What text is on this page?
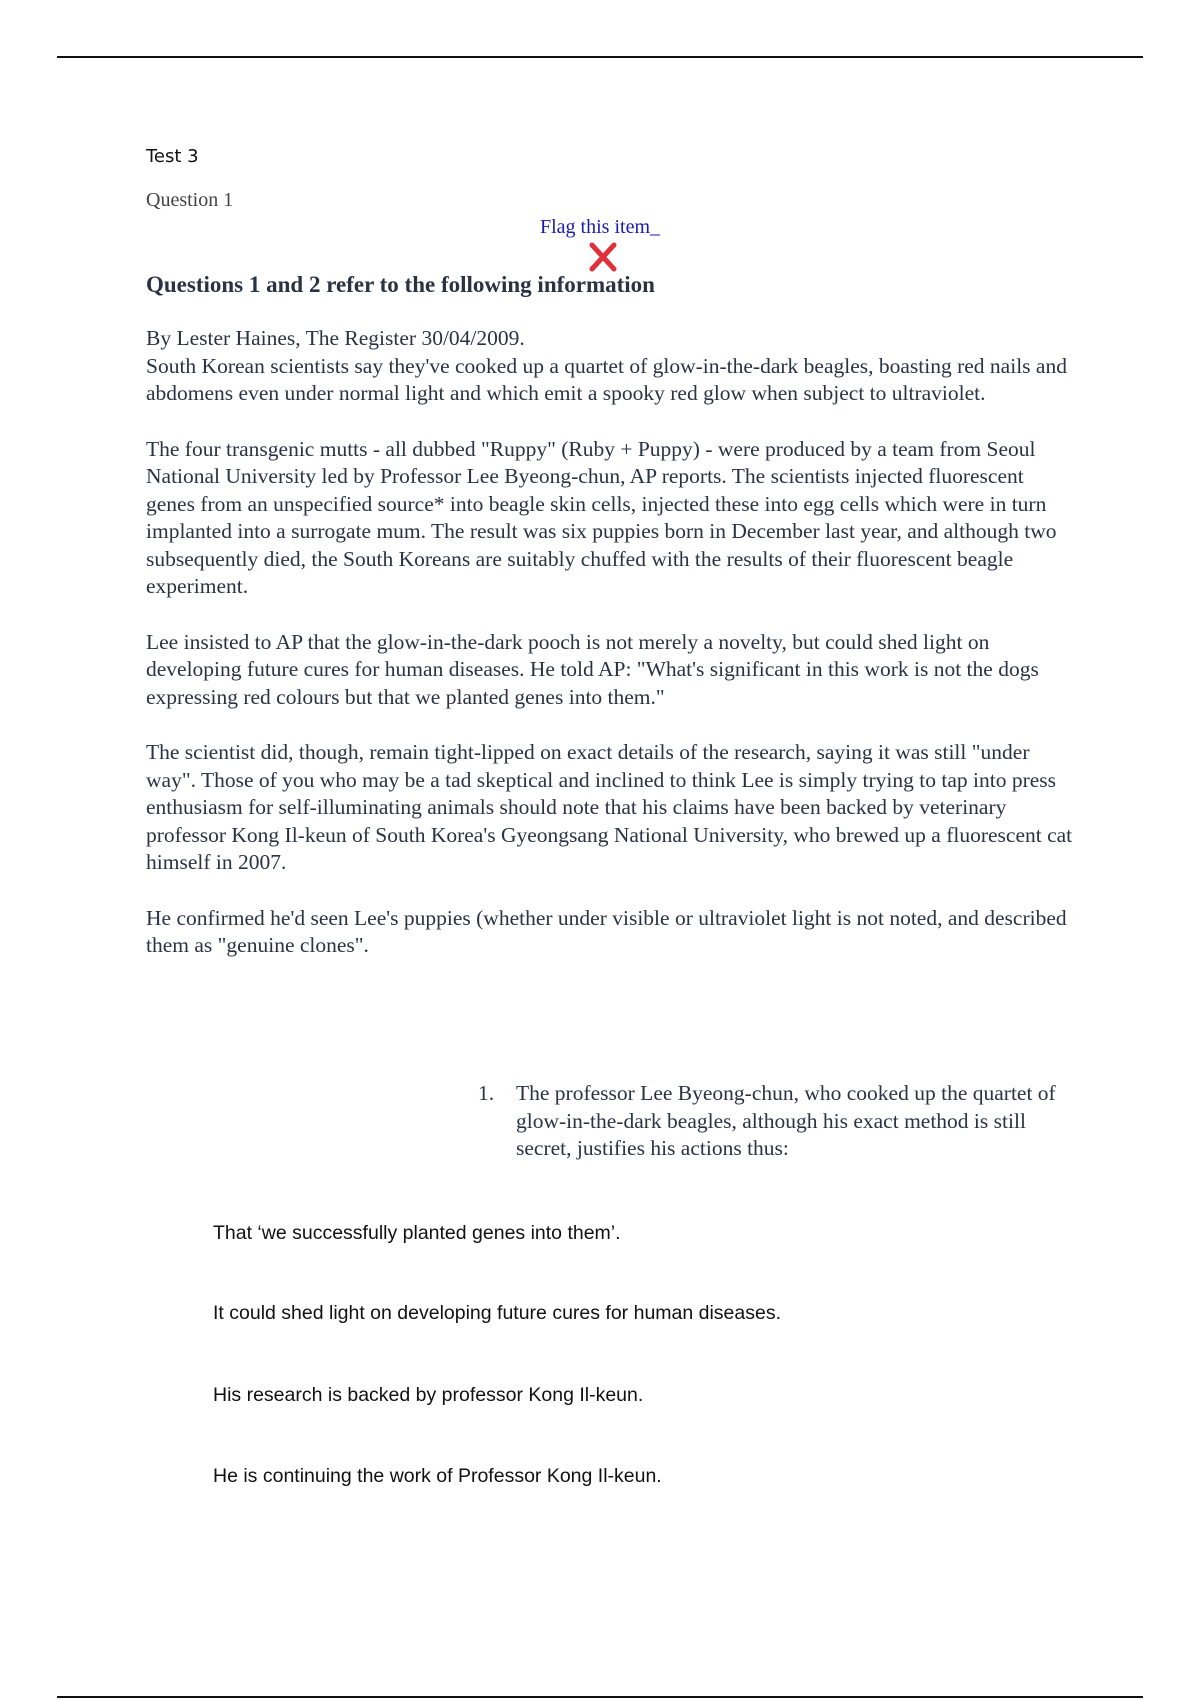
Test 3
Question 1
Flag this item_
Questions 1 and 2 refer to the following information

By Lester Haines, The Register 30/04/2009.
South Korean scientists say they've cooked up a quartet of glow-in-the-dark beagles, boasting red nails and abdomens even under normal light and which emit a spooky red glow when subject to ultraviolet.

The four transgenic mutts - all dubbed "Ruppy" (Ruby + Puppy) - were produced by a team from Seoul National University led by Professor Lee Byeong-chun, AP reports. The scientists injected fluorescent genes from an unspecified source* into beagle skin cells, injected these into egg cells which were in turn implanted into a surrogate mum. The result was six puppies born in December last year, and although two subsequently died, the South Koreans are suitably chuffed with the results of their fluorescent beagle experiment.

Lee insisted to AP that the glow-in-the-dark pooch is not merely a novelty, but could shed light on developing future cures for human diseases. He told AP: "What's significant in this work is not the dogs expressing red colours but that we planted genes into them."

The scientist did, though, remain tight-lipped on exact details of the research, saying it was still "under way". Those of you who may be a tad skeptical and inclined to think Lee is simply trying to tap into press enthusiasm for self-illuminating animals should note that his claims have been backed by veterinary professor Kong Il-keun of South Korea's Gyeongsang National University, who brewed up a fluorescent cat himself in 2007.

He confirmed he'd seen Lee's puppies (whether under visible or ultraviolet light is not noted, and described them as "genuine clones".

1. The professor Lee Byeong-chun, who cooked up the quartet of glow-in-the-dark beagles, although his exact method is still secret, justifies his actions thus:
That ‘we successfully planted genes into them’.
It could shed light on developing future cures for human diseases.
His research is backed by professor Kong Il-keun.
He is continuing the work of Professor Kong Il-keun.
